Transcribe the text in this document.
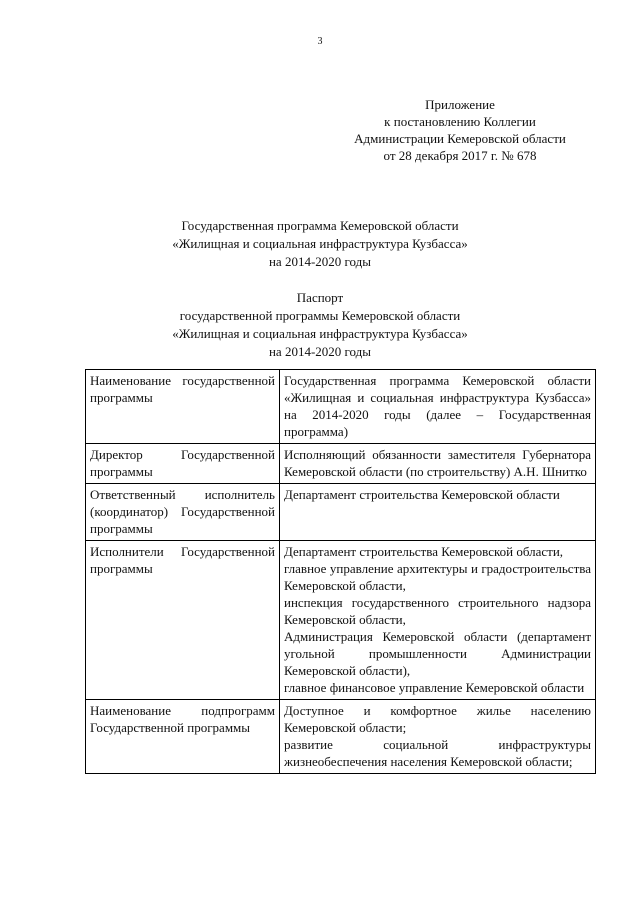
3
Приложение
к постановлению Коллегии
Администрации Кемеровской области
от 28 декабря 2017 г. № 678
Государственная программа Кемеровской области
«Жилищная и социальная инфраструктура Кузбасса»
на 2014-2020 годы
Паспорт
государственной программы Кемеровской области
«Жилищная и социальная инфраструктура Кузбасса»
на 2014-2020 годы
Наименование государственной программы	Государственная программа Кемеровской области «Жилищная и социальная инфраструктура Кузбасса» на 2014-2020 годы (далее – Государственная программа)

Директор Государственной программы	Исполняющий обязанности заместителя Губернатора Кемеровской области (по строительству) А.Н. Шнитко

Ответственный исполнитель (координатор) Государственной программы	Департамент строительства Кемеровской области

Исполнители Государственной программы	Департамент строительства Кемеровской области,
главное управление архитектуры и градостроительства Кемеровской области,
инспекция государственного строительного надзора Кемеровской области,
Администрация Кемеровской области (департамент угольной промышленности Администрации Кемеровской области),
главное финансовое управление Кемеровской области

Наименование подпрограмм Государственной программы	Доступное и комфортное жилье населению Кемеровской области;
развитие социальной инфраструктуры жизнеобеспечения населения Кемеровской области;
